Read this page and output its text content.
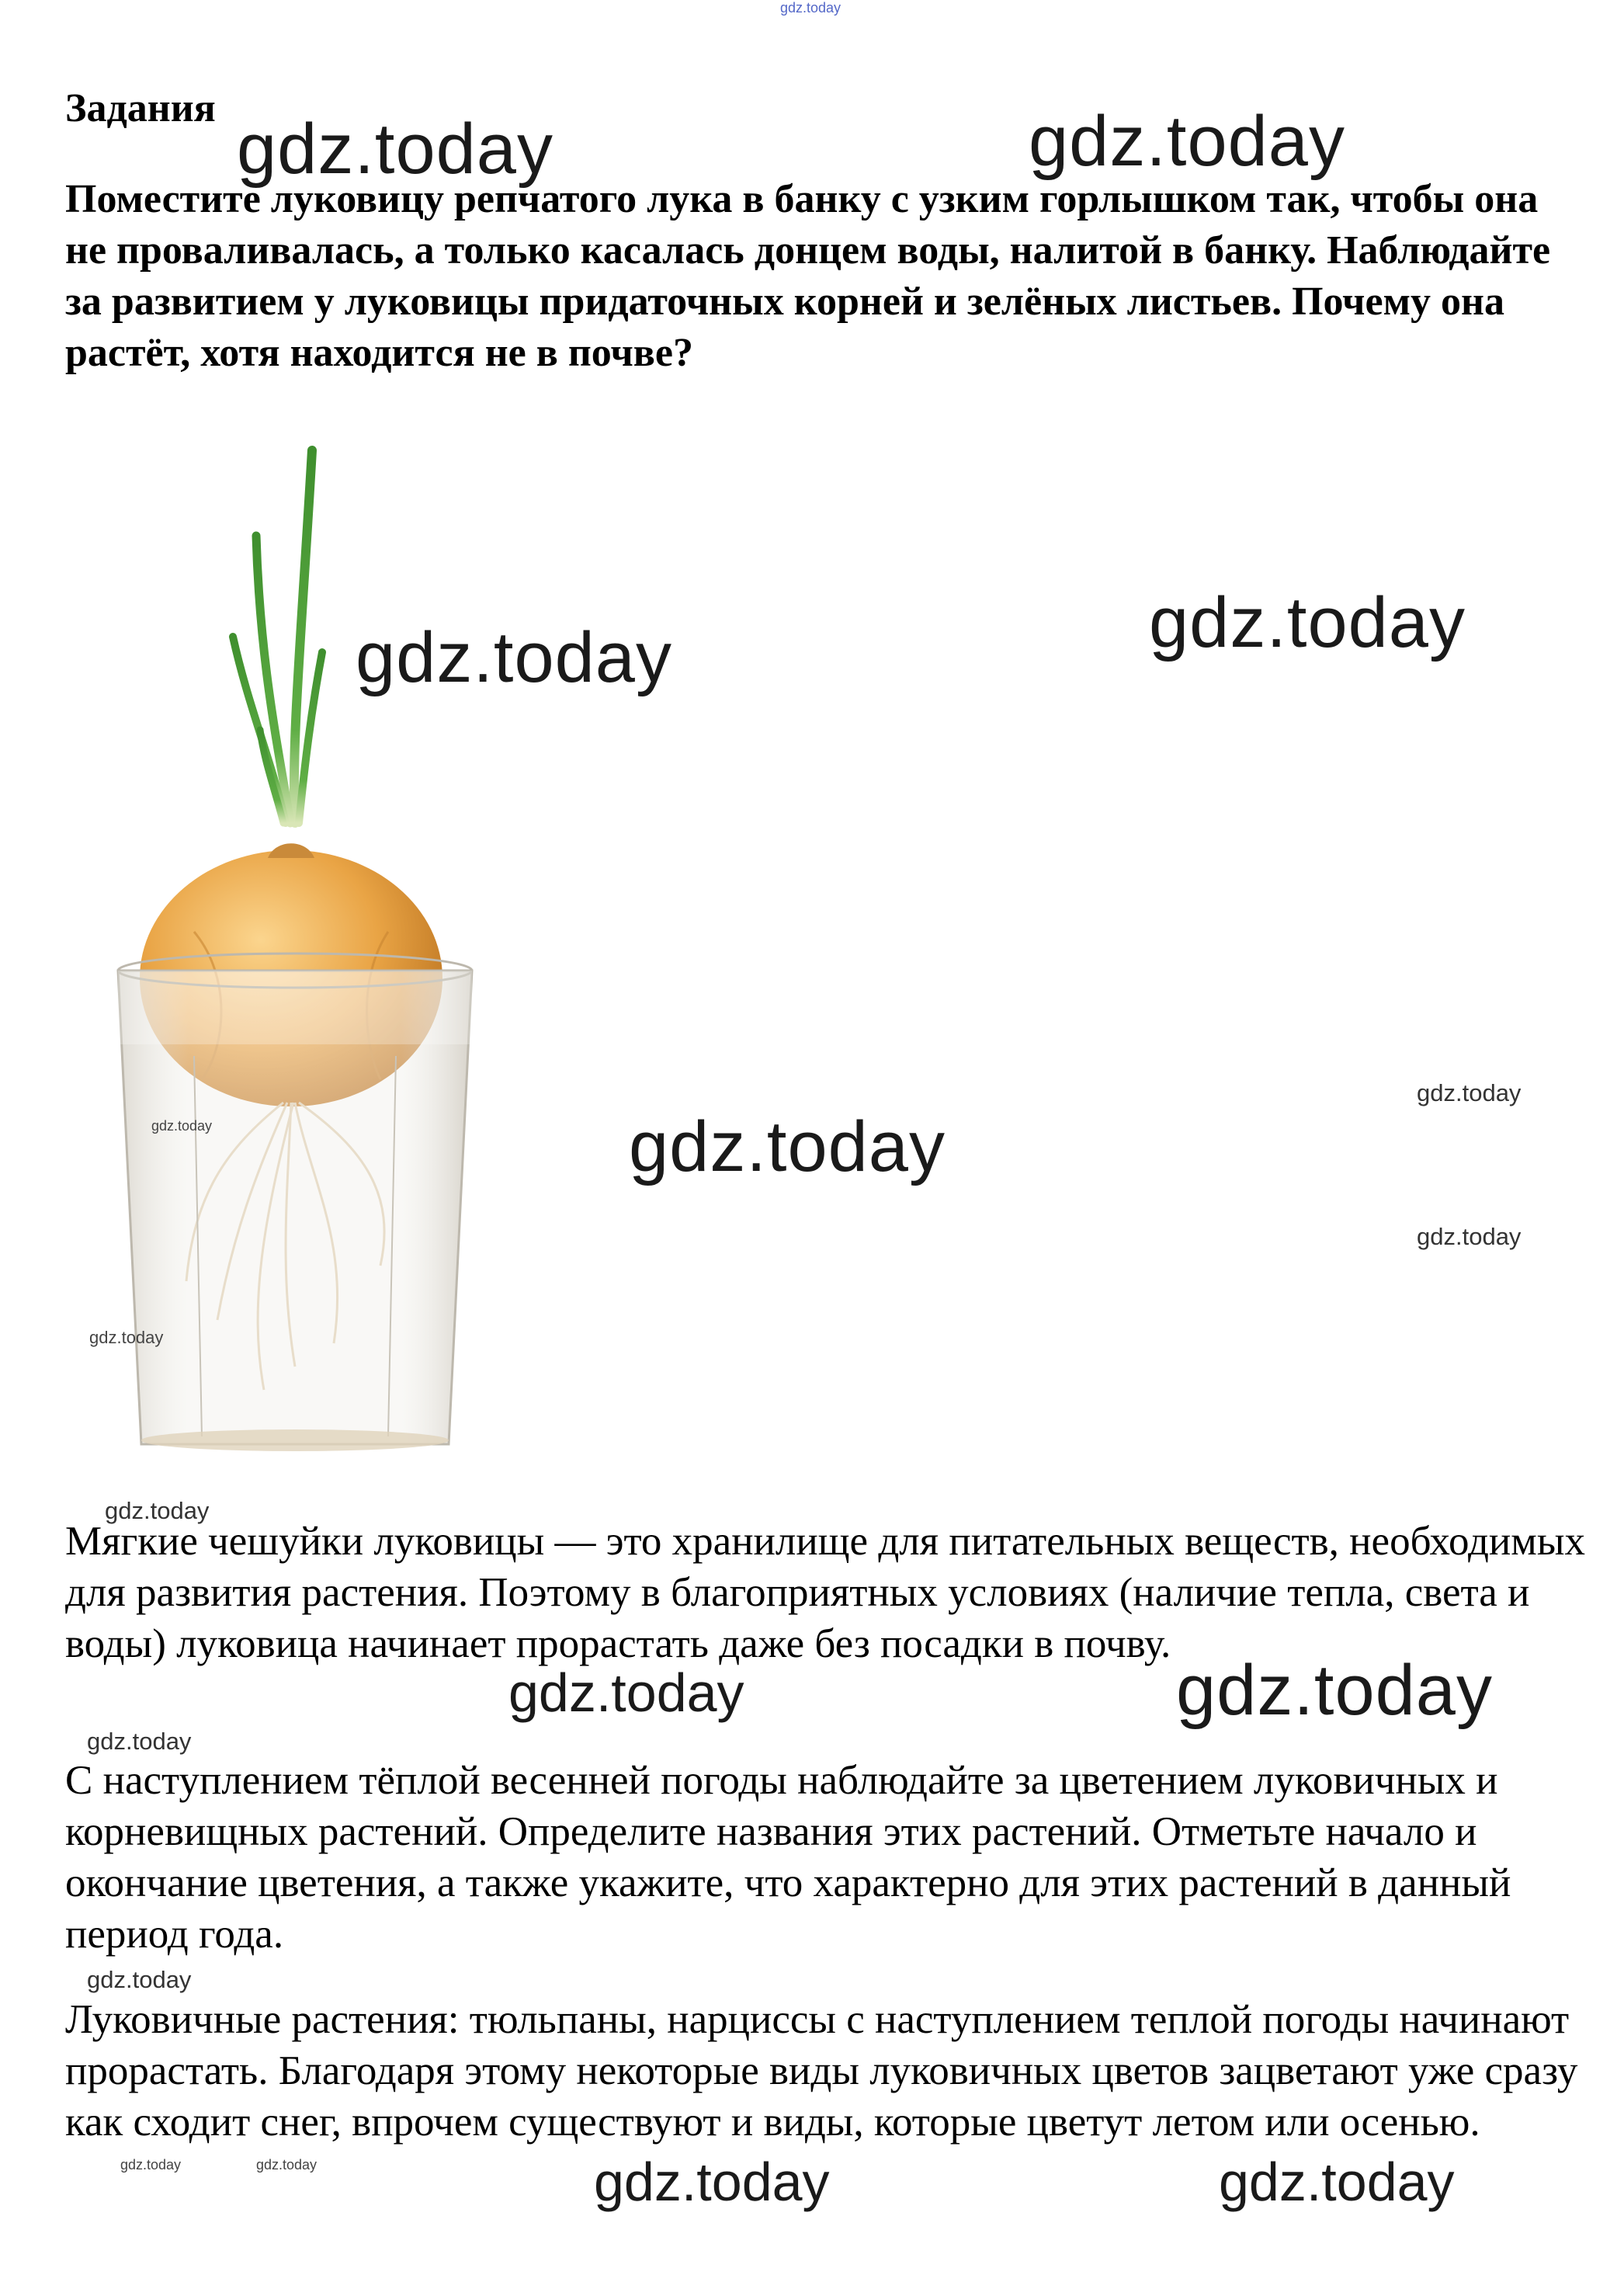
gdz.today
Задания

Поместите луковицу репчатого лука в банку с узким горлышком так, чтобы она не проваливалась, а только касалась донцем воды, налитой в банку. Наблюдайте за развитием у луковицы придаточных корней и зелёных листьев. Почему она растёт, хотя находится не в почве?

Мягкие чешуйки луковицы — это хранилище для питательных веществ, необходимых для развития растения. Поэтому в благоприятных условиях (наличие тепла, света и воды) луковица начинает прорастать даже без посадки в почву.

С наступлением тёплой весенней погоды наблюдайте за цветением луковичных и корневищных растений. Определите названия этих растений. Отметьте начало и окончание цветения, а также укажите, что характерно для этих растений в данный период года.

Луковичные растения: тюльпаны, нарциссы с наступлением теплой погоды начинают прорастать. Благодаря этому некоторые виды луковичных цветов зацветают уже сразу как сходит снег, впрочем существуют и виды, которые цветут летом или осенью.

gdz.today	gdz.today
gdz.today	gdz.today
gdz.today
gdz.today
gdz.today
gdz.today	gdz.today
gdz.today
gdz.today
gdz.today
gdz.today
gdz.today
gdz.today
gdz.today
gdz.today	gdz.today
